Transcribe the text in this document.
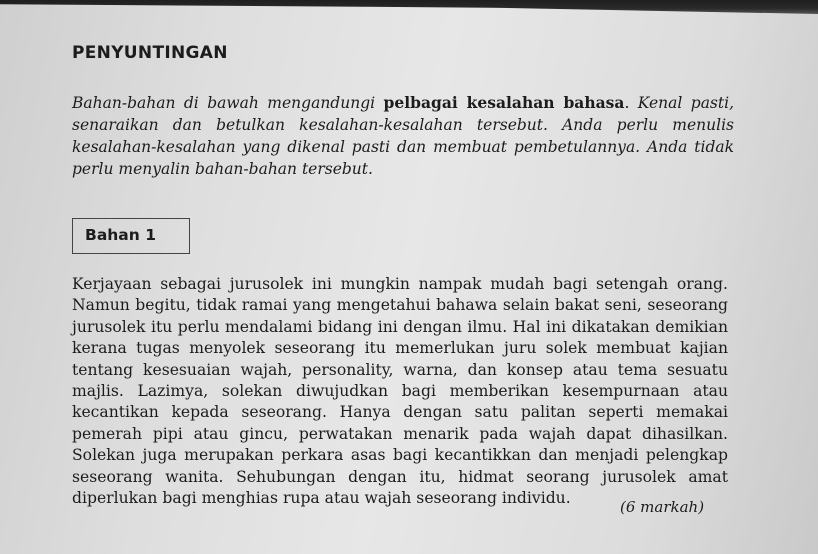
PENYUNTINGAN
Bahan-bahan di bawah mengandungi pelbagai kesalahan bahasa. Kenal pasti, senaraikan dan betulkan kesalahan-kesalahan tersebut. Anda perlu menulis kesalahan-kesalahan yang dikenal pasti dan membuat pembetulannya. Anda tidak perlu menyalin bahan-bahan tersebut.
Bahan 1
Kerjayaan sebagai jurusolek ini mungkin nampak mudah bagi setengah orang. Namun begitu, tidak ramai yang mengetahui bahawa selain bakat seni, seseorang jurusolek itu perlu mendalami bidang ini dengan ilmu. Hal ini dikatakan demikian kerana tugas menyolek seseorang itu memerlukan juru solek membuat kajian tentang kesesuaian wajah, personality, warna, dan konsep atau tema sesuatu majlis. Lazimya, solekan diwujudkan bagi memberikan kesempurnaan atau kecantikan kepada seseorang. Hanya dengan satu palitan seperti memakai pemerah pipi atau gincu, perwatakan menarik pada wajah dapat dihasilkan. Solekan juga merupakan perkara asas bagi kecantikkan dan menjadi pelengkap seseorang wanita. Sehubungan dengan itu, hidmat seorang jurusolek amat diperlukan bagi menghias rupa atau wajah seseorang individu.	(6 markah)
